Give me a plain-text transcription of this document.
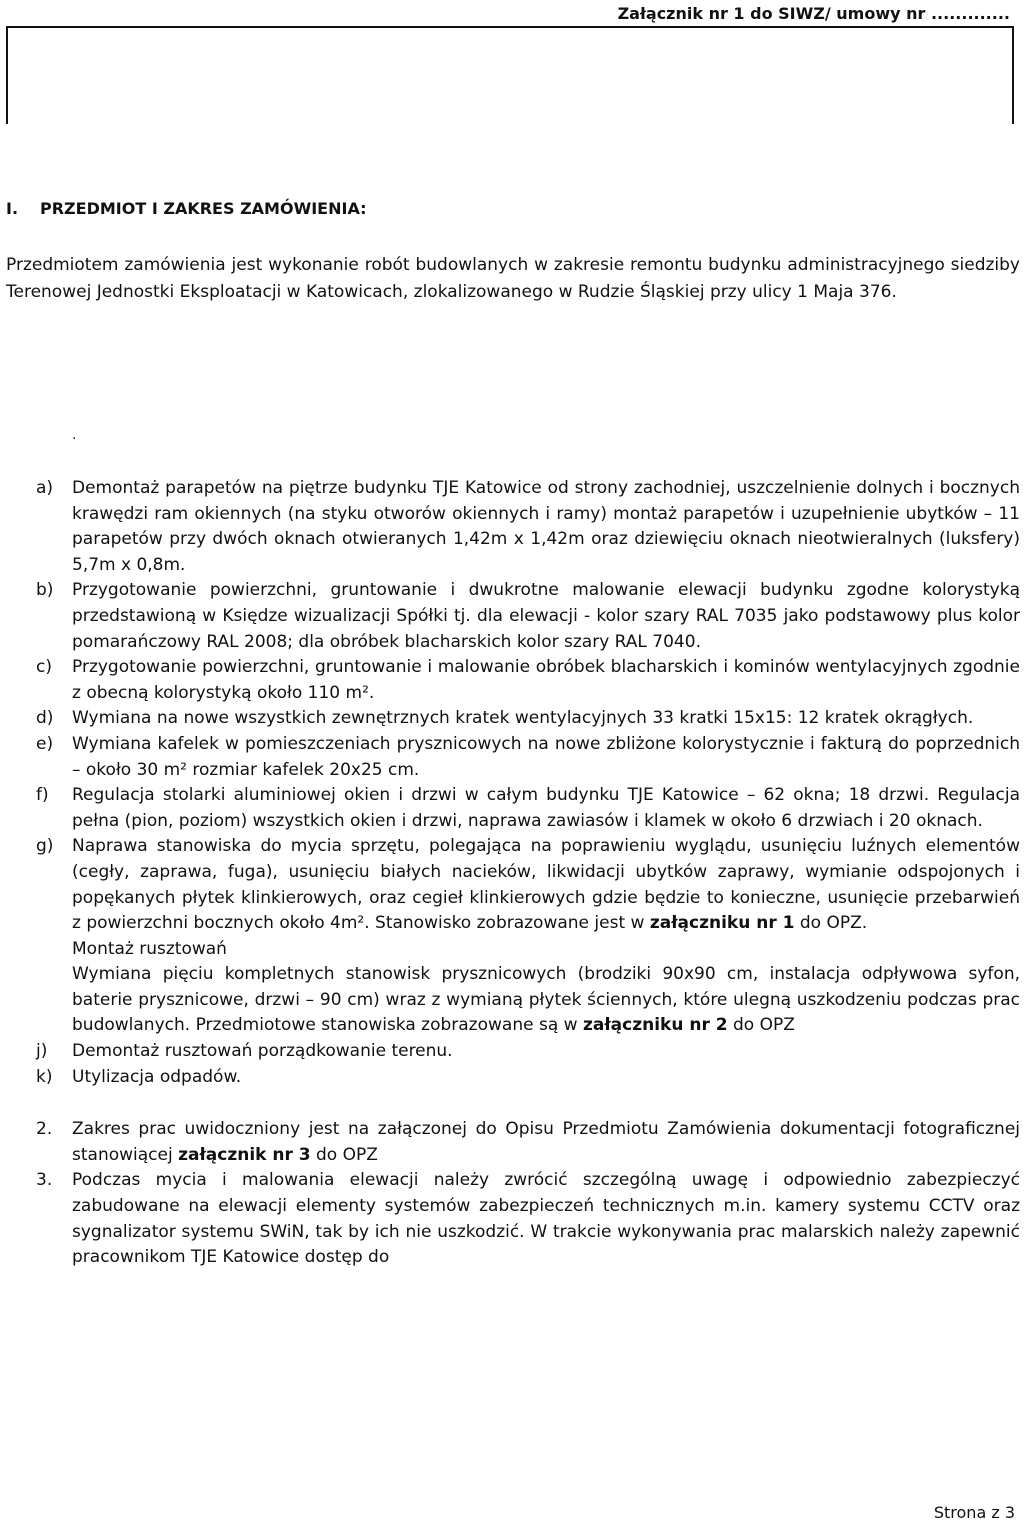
Załącznik nr 1 do SIWZ/ umowy nr .............
I. PRZEDMIOT I ZAKRES ZAMÓWIENIA:

Przedmiotem zamówienia jest wykonanie robót budowlanych w zakresie remontu budynku administracyjnego siedziby Terenowej Jednostki Eksploatacji w Katowicach, zlokalizowanego w Rudzie Śląskiej przy ulicy 1 Maja 376.

.
a)	Demontaż parapetów na piętrze budynku TJE Katowice od strony zachodniej, uszczelnienie dolnych i bocznych krawędzi ram okiennych (na styku otworów okiennych i ramy) montaż parapetów i uzupełnienie ubytków – 11 parapetów przy dwóch oknach otwieranych 1,42m x 1,42m oraz dziewięciu oknach nieotwieralnych (luksfery) 5,7m x 0,8m.
b)	Przygotowanie powierzchni, gruntowanie i dwukrotne malowanie elewacji budynku zgodne kolorystyką przedstawioną w Księdze wizualizacji Spółki tj. dla elewacji - kolor szary RAL 7035 jako podstawowy plus kolor pomarańczowy RAL 2008; dla obróbek blacharskich kolor szary RAL 7040.
c)	Przygotowanie powierzchni, gruntowanie i malowanie obróbek blacharskich i kominów wentylacyjnych zgodnie z obecną kolorystyką około 110 m².
d)	Wymiana na nowe wszystkich zewnętrznych kratek wentylacyjnych 33 kratki 15x15: 12 kratek okrągłych.
e)	Wymiana kafelek w pomieszczeniach prysznicowych na nowe zbliżone kolorystycznie i fakturą do poprzednich – około 30 m² rozmiar kafelek 20x25 cm.
f)	Regulacja stolarki aluminiowej okien i drzwi w całym budynku TJE Katowice – 62 okna; 18 drzwi. Regulacja pełna (pion, poziom) wszystkich okien i drzwi, naprawa zawiasów i klamek w około 6 drzwiach i 20 oknach.
g)	Naprawa stanowiska do mycia sprzętu, polegająca na poprawieniu wyglądu, usunięciu luźnych elementów (cegły, zaprawa, fuga), usunięciu białych nacieków, likwidacji ubytków zaprawy, wymianie odspojonych i popękanych płytek klinkierowych, oraz cegieł klinkierowych gdzie będzie to konieczne, usunięcie przebarwień z powierzchni bocznych około 4m². Stanowisko zobrazowane jest w załączniku nr 1 do OPZ.
Montaż rusztowań
Wymiana pięciu kompletnych stanowisk prysznicowych (brodziki 90x90 cm, instalacja odpływowa syfon, baterie prysznicowe, drzwi – 90 cm) wraz z wymianą płytek ściennych, które ulegną uszkodzeniu podczas prac budowlanych. Przedmiotowe stanowiska zobrazowane są w załączniku nr 2 do OPZ
j)	Demontaż rusztowań porządkowanie terenu.
k)	Utylizacja odpadów.
2.	Zakres prac uwidoczniony jest na załączonej do Opisu Przedmiotu Zamówienia dokumentacji fotograficznej stanowiącej załącznik nr 3 do OPZ
3.	Podczas mycia i malowania elewacji należy zwrócić szczególną uwagę i odpowiednio zabezpieczyć zabudowane na elewacji elementy systemów zabezpieczeń technicznych m.in. kamery systemu CCTV oraz sygnalizator systemu SWiN, tak by ich nie uszkodzić. W trakcie wykonywania prac malarskich należy zapewnić pracownikom TJE Katowice dostęp do
Strona z 3
